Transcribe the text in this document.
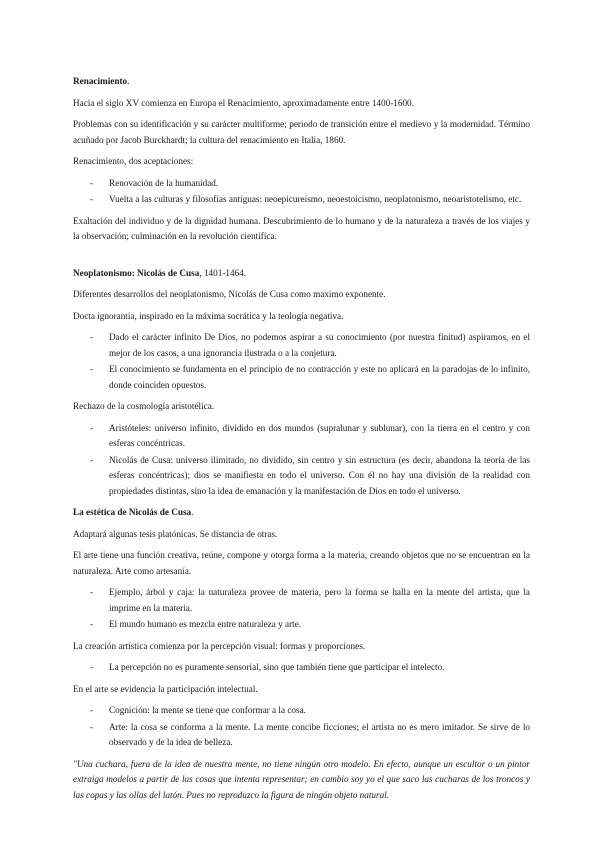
Renacimiento.

Hacia el siglo XV comienza en Europa el Renacimiento, aproximadamente entre 1400-1600.

Problemas con su identificación y su carácter multiforme; periodo de transición entre el medievo y la modernidad. Término acuñado por Jacob Burckhardt; la cultura del renacimiento en Italia, 1860.

Renacimiento, dos aceptaciones:

- Renovación de la humanidad.
- Vuelta a las culturas y filosofías antiguas: neoepicureismo, neoestoicismo, neoplatonismo, neoaristotelismo, etc.

Exaltación del individuo y de la dignidad humana. Descubrimiento de lo humano y de la naturaleza a través de los viajes y la observación; culminación en la revolución científica.

Neoplatonismo: Nicolás de Cusa, 1401-1464.

Diferentes desarrollos del neoplatonismo, Nicolás de Cusa como maximo exponente.

Docta ignorantia, inspirado en la máxima socrática y la teología negativa.

- Dado el carácter infinito De Dios, no podemos aspirar a su conocimiento (por nuestra finitud) aspiramos, en el mejor de los casos, a una ignorancia ilustrada o a la conjetura.
- El conocimiento se fundamenta en el principio de no contracción y este no aplicará en la paradojas de lo infinito, donde coinciden opuestos.

Rechazo de la cosmología aristotélica.

- Aristóteles: universo infinito, dividido en dos mundos (supralunar y sublunar), con la tierra en el centro y con esferas concéntricas.
- Nicolás de Cusa: universo ilimitado, no dividido, sin centro y sin estructura (es decir, abandona la teoría de las esferas concéntricas); dios se manifiesta en todo el universo. Con él no hay una división de la realidad con propiedades distintas, sino la idea de emanación y la manifestación de Dios en todo el universo.

La estética de Nicolás de Cusa.

Adaptará algunas tesis platónicas. Se distancia de otras.

El arte tiene una función creativa, reúne, compone y otorga forma a la materia, creando objetos que no se encuentran en la naturaleza. Arte como artesanía.

- Ejemplo, árbol y caja: la naturaleza provee de materia, pero la forma se halla en la mente del artista, que la imprime en la materia.
- El mundo humano es mezcla entre naturaleza y arte.

La creación artística comienza por la percepción visual: formas y proporciones.

- La percepción no es puramente sensorial, sino que también tiene que participar el intelecto.

En el arte se evidencia la participación intelectual.

- Cognición: la mente se tiene que conformar a la cosa.
- Arte: la cosa se conforma a la mente. La mente concibe ficciones; el artista no es mero imitador. Se sirve de lo observado y de la idea de belleza.

"Una cuchara, fuera de la idea de nuestra mente, no tiene ningún otro modelo. En efecto, aunque un escultor o un pintor extraiga modelos a partir de las cosas que intenta representar; en cambio soy yo el que saco las cucharas de los troncos y las copas y las ollas del latón. Pues no reproduzco la figura de ningún objeto natural.
